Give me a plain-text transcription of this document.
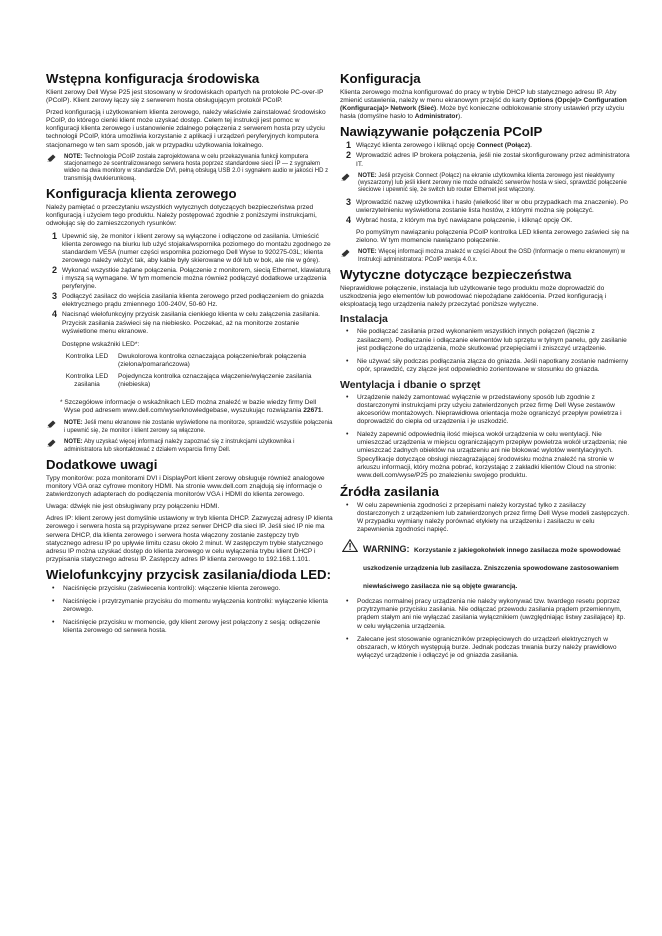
Wstępna konfiguracja środowiska

Klient zerowy Dell Wyse P25 jest stosowany w środowiskach opartych na protokole PC-over-IP (PCoIP). Klient zerowy łączy się z serwerem hosta obsługującym protokół PCoIP.

Przed konfiguracją i użytkowaniem klienta zerowego, należy właściwie zainstalować środowisko PCoIP, do którego cienki klient może uzyskać dostęp. Celem tej instrukcji jest pomoc w konfiguracji klienta zerowego i ustanowienie zdalnego połączenia z serwerem hosta przy użyciu technologii PCoIP, która umożliwia korzystanie z aplikacji i urządzeń peryferyjnych komputera stacjonarnego w ten sam sposób, jak w przypadku użytkowania lokalnego.

NOTE: Technologia PCoIP została zaprojektowana w celu przekazywania funkcji komputera stacjonarnego ze scentralizowanego serwera hosta poprzez standardowe sieci IP — z sygnałem wideo na dwa monitory w standardzie DVI, pełną obsługą USB 2.0 i sygnałem audio w jakości HD z transmisją dwukierunkową.
Konfiguracja klienta zerowego

Należy pamiętać o przeczytaniu wszystkich wytycznych dotyczących bezpieczeństwa przed konfiguracją i użyciem tego produktu. Należy postępować zgodnie z poniższymi instrukcjami, odwołując się do zamieszczonych rysunków:

1 Upewnić się, że monitor i klient zerowy są wyłączone i odłączone od zasilania. Umieścić klienta zerowego na biurku lub użyć stojaka/wspornika poziomego do montażu zgodnego ze standardem VESA (numer części wspornika poziomego Dell Wyse to 920275-03L; klienta zerowego należy włożyć tak, aby kable były skierowane w dół lub w bok, ale nie w górę).
2 Wykonać wszystkie żądane połączenia. Połączenie z monitorem, siecią Ethernet, klawiaturą i myszą są wymagane. W tym momencie można również podłączyć dodatkowe urządzenia peryferyjne.
3 Podłączyć zasilacz do wejścia zasilania klienta zerowego przed podłączeniem do gniazda elektrycznego prądu zmiennego 100-240V, 50-60 Hz.
4 Nacisnąć wielofunkcyjny przycisk zasilania cienkiego klienta w celu załączenia zasilania. Przycisk zasilania zaświeci się na niebiesko. Poczekać, aż na monitorze zostanie wyświetlone menu ekranowe.

Dostępne wskaźniki LED*:

Kontrolka LED	Dwukolorowa kontrolka oznaczająca połączenie/brak połączenia (zielona/pomarańczowa)
Kontrolka LED zasilania	Pojedyncza kontrolka oznaczająca włączenie/wyłączenie zasilania (niebieska)

* Szczegółowe informacje o wskaźnikach LED można znaleźć w bazie wiedzy firmy Dell Wyse pod adresem www.dell.com/wyse/knowledgebase, wyszukując rozwiązania 22671.

NOTE: Jeśli menu ekranowe nie zostanie wyświetlone na monitorze, sprawdzić wszystkie połączenia i upewnić się, że monitor i klient zerowy są włączone.
NOTE: Aby uzyskać więcej informacji należy zapoznać się z instrukcjami użytkownika i administratora lub skontaktować z działem wsparcia firmy Dell.
Dodatkowe uwagi

Typy monitorów: poza monitorami DVI i DisplayPort klient zerowy obsługuje również analogowe monitory VGA oraz cyfrowe monitory HDMI. Na stronie www.dell.com znajdują się informacje o zatwierdzonych adapterach do podłączenia monitorów VGA i HDMI do klienta zerowego.

Uwaga: dźwięk nie jest obsługiwany przy połączeniu HDMI.

Adres IP: klient zerowy jest domyślnie ustawiony w tryb klienta DHCP. Zazwyczaj adresy IP klienta zerowego i serwera hosta są przypisywane przez serwer DHCP dla sieci IP. Jeśli sieć IP nie ma serwera DHCP, dla klienta zerowego i serwera hosta włączony zostanie zastępczy tryb statycznego adresu IP po upływie limitu czasu około 2 minut. W zastępczym trybie statycznego adresu IP można uzyskać dostęp do klienta zerowego w celu wyłączenia trybu klient DHCP i przypisania statycznego adresu IP. Zastępczy adres IP klienta zerowego to 192.168.1.101.

Wielofunkcyjny przycisk zasilania/dioda LED:
• Naciśnięcie przycisku (zaświecenia kontrolki): włączenie klienta zerowego.
• Naciśnięcie i przytrzymanie przycisku do momentu wyłączenia kontrolki: wyłączenie klienta zerowego.
• Naciśnięcie przycisku w momencie, gdy klient zerowy jest połączony z sesją: odłączenie klienta zerowego od serwera hosta.
Konfiguracja

Klienta zerowego można konfigurować do pracy w trybie DHCP lub statycznego adresu IP. Aby zmienić ustawienia, należy w menu ekranowym przejść do karty Options (Opcje)> Configuration (Konfiguracja)> Network (Sieć). Może być konieczne odblokowanie strony ustawień przy użyciu hasła (domyślne hasło to Administrator).

Nawiązywanie połączenia PCoIP
1 Włączyć klienta zerowego i kliknąć opcję Connect (Połącz).
2 Wprowadzić adres IP brokera połączenia, jeśli nie został skonfigurowany przez administratora IT.
NOTE: Jeśli przycisk Connect (Połącz) na ekranie użytkownika klienta zerowego jest nieaktywny (wyszarzony) lub jeśli klient zerowy nie może odnaleźć serwerów hosta w sieci, sprawdzić połączenie sieciowe i upewnić się, że switch lub router Ethernet jest włączony.
3 Wprowadzić nazwę użytkownika i hasło (wielkość liter w obu przypadkach ma znaczenie). Po uwierzytelnieniu wyświetlona zostanie lista hostów, z którymi można się połączyć.
4 Wybrać hosta, z którym ma być nawiązane połączenie, i kliknąć opcję OK.

Po pomyślnym nawiązaniu połączenia PCoIP kontrolka LED klienta zerowego zaświeci się na zielono. W tym momencie nawiązano połączenie.

NOTE: Więcej informacji można znaleźć w części About the OSD (Informacje o menu ekranowym) w Instrukcji administratora: PCoIP wersja 4.0.x.
Wytyczne dotyczące bezpieczeństwa

Nieprawidłowe połączenie, instalacja lub użytkowanie tego produktu może doprowadzić do uszkodzenia jego elementów lub powodować niepożądane zakłócenia. Przed konfiguracją i eksploatacją tego urządzenia należy przeczytać poniższe wytyczne.

Instalacja
• Nie podłączać zasilania przed wykonaniem wszystkich innych połączeń (łącznie z zasilaczem). Podłączanie i odłączanie elementów lub sprzętu w tylnym panelu, gdy zasilanie jest podłączone do urządzenia, może skutkować przepięciami i zniszczyć urządzenie.
• Nie używać siły podczas podłączania złącza do gniazda. Jeśli napotkany zostanie nadmierny opór, sprawdzić, czy złącze jest odpowiednio zorientowane w stosunku do gniazda.
Wentylacja i dbanie o sprzęt
• Urządzenie należy zamontować wyłącznie w przedstawiony sposób lub zgodnie z dostarczonymi instrukcjami przy użyciu zatwierdzonych przez firmę Dell Wyse zestawów akcesoriów montażowych. Nieprawidłowa orientacja może ograniczyć przepływ powietrza i doprowadzić do ciepła od urządzenia i je uszkodzić.
• Należy zapewnić odpowiednią ilość miejsca wokół urządzenia w celu wentylacji. Nie umieszczać urządzenia w miejscu ograniczającym przepływ powietrza wokół urządzenia; nie umieszczać żadnych obiektów na urządzeniu ani nie blokować wylotów wentylacyjnych. Specyfikacje dotyczące obsługi niezagrażającej środowisku można znaleźć na stronie w arkuszu informacji, który można pobrać, korzystając z zakładki klientów Cloud na stronie: www.dell.com/wyse/P25 po znalezieniu swojego produktu.
Źródła zasilania
• W celu zapewnienia zgodności z przepisami należy korzystać tylko z zasilaczy dostarczonych z urządzeniem lub zatwierdzonych przez firmę Dell Wyse modeli zastępczych. W przypadku wymiany należy porównać etykiety na urządzeniu i zasilaczu w celu zapewnienia zgodności napięć.
WARNING: Korzystanie z jakiegokolwiek innego zasilacza może spowodować uszkodzenie urządzenia lub zasilacza. Zniszczenia spowodowane zastosowaniem niewłaściwego zasilacza nie są objęte gwarancją.
• Podczas normalnej pracy urządzenia nie należy wykonywać tzw. twardego resetu poprzez przytrzymanie przycisku zasilania. Nie odłączać przewodu zasilania prądem przemiennym, prądem stałym ani nie wyłączać zasilania wyłącznikiem (uwzględniając listwy zasilające) itp. w celu wyłączenia urządzenia.
• Zalecane jest stosowanie ograniczników przepięciowych do urządzeń elektrycznych w obszarach, w których występują burze. Jednak podczas trwania burzy należy prawidłowo wyłączyć urządzenie i odłączyć je od gniazda zasilania.
